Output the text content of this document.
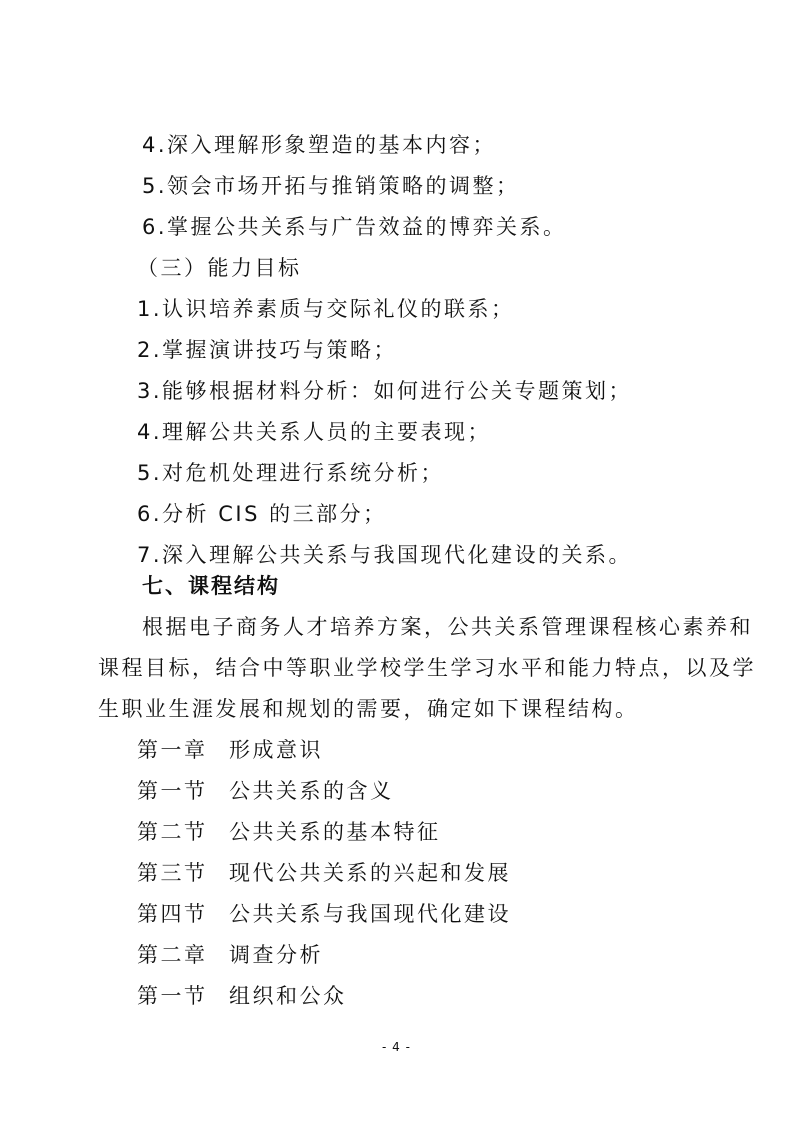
4.深入理解形象塑造的基本内容；
5.领会市场开拓与推销策略的调整；
6.掌握公共关系与广告效益的博弈关系。
（三）能力目标
1.认识培养素质与交际礼仪的联系；
2.掌握演讲技巧与策略；
3.能够根据材料分析：如何进行公关专题策划；
4.理解公共关系人员的主要表现；
5.对危机处理进行系统分析；
6.分析 CIS 的三部分；
7.深入理解公共关系与我国现代化建设的关系。
七、课程结构
根据电子商务人才培养方案，公共关系管理课程核心素养和
课程目标，结合中等职业学校学生学习水平和能力特点，以及学
生职业生涯发展和规划的需要，确定如下课程结构。
第一章 形成意识
第一节 公共关系的含义
第二节 公共关系的基本特征
第三节 现代公共关系的兴起和发展
第四节 公共关系与我国现代化建设
第二章 调查分析
第一节 组织和公众
- 4 -
